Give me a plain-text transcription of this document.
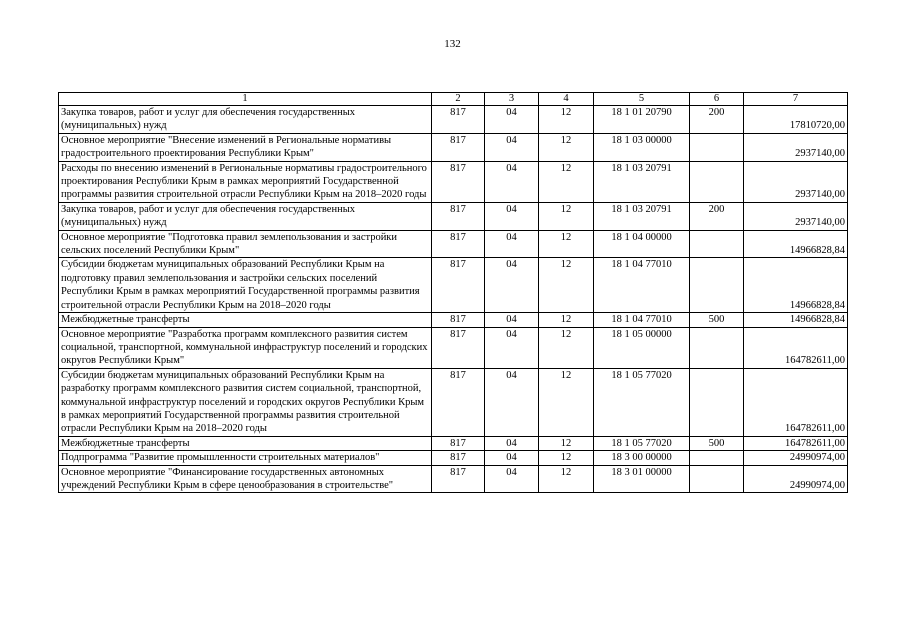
132
1	2	3	4	5	6	7
Закупка товаров, работ и услуг для обеспечения государственных (муниципальных) нужд	817	04	12	18 1 01 20790	200	17810720,00
Основное мероприятие "Внесение изменений в Региональные нормативы градостроительного проектирования Республики Крым"	817	04	12	18 1 03 00000		2937140,00
Расходы по внесению изменений в Региональные нормативы градостроительного проектирования Республики Крым в рамках мероприятий Государственной программы развития строительной отрасли Республики Крым на 2018–2020 годы	817	04	12	18 1 03 20791		2937140,00
Закупка товаров, работ и услуг для обеспечения государственных (муниципальных) нужд	817	04	12	18 1 03 20791	200	2937140,00
Основное мероприятие "Подготовка правил землепользования и застройки сельских поселений Республики Крым"	817	04	12	18 1 04 00000		14966828,84
Субсидии бюджетам муниципальных образований Республики Крым на подготовку правил землепользования и застройки сельских поселений Республики Крым в рамках мероприятий Государственной программы развития строительной отрасли Республики Крым на 2018–2020 годы	817	04	12	18 1 04 77010		14966828,84
Межбюджетные трансферты	817	04	12	18 1 04 77010	500	14966828,84
Основное мероприятие "Разработка программ комплексного развития систем социальной, транспортной, коммунальной инфраструктур поселений и городских округов Республики Крым"	817	04	12	18 1 05 00000		164782611,00
Субсидии бюджетам муниципальных образований Республики Крым на разработку программ комплексного развития систем социальной, транспортной, коммунальной инфраструктур поселений и городских округов Республики Крым в рамках мероприятий Государственной программы развития строительной отрасли Республики Крым на 2018–2020 годы	817	04	12	18 1 05 77020		164782611,00
Межбюджетные трансферты	817	04	12	18 1 05 77020	500	164782611,00
Подпрограмма "Развитие промышленности строительных материалов"	817	04	12	18 3 00 00000		24990974,00
Основное мероприятие "Финансирование государственных автономных учреждений Республики Крым в сфере ценообразования в строительстве"	817	04	12	18 3 01 00000		24990974,00
